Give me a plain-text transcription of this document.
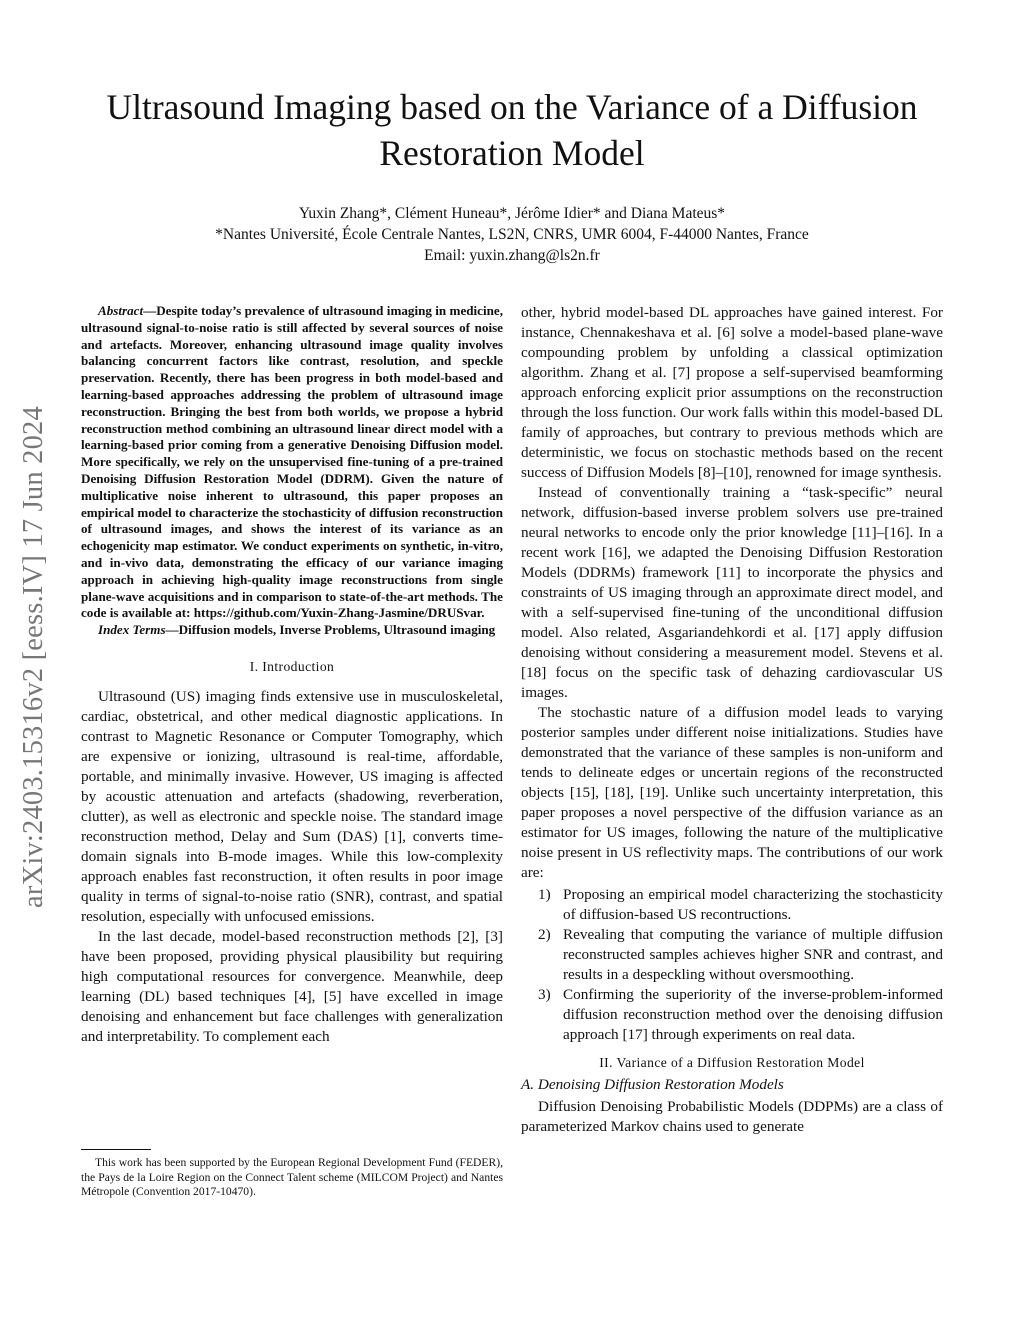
arXiv:2403.15316v2 [eess.IV] 17 Jun 2024
Ultrasound Imaging based on the Variance of a Diffusion Restoration Model
Yuxin Zhang*, Clément Huneau*, Jérôme Idier* and Diana Mateus*
*Nantes Université, École Centrale Nantes, LS2N, CNRS, UMR 6004, F-44000 Nantes, France
Email: yuxin.zhang@ls2n.fr

Abstract—Despite today’s prevalence of ultrasound imaging in medicine, ultrasound signal-to-noise ratio is still affected by several sources of noise and artefacts. Moreover, enhancing ultrasound image quality involves balancing concurrent factors like contrast, resolution, and speckle preservation. Recently, there has been progress in both model-based and learning-based approaches addressing the problem of ultrasound image reconstruction. Bringing the best from both worlds, we propose a hybrid reconstruction method combining an ultrasound linear direct model with a learning-based prior coming from a generative Denoising Diffusion model. More specifically, we rely on the unsupervised fine-tuning of a pre-trained Denoising Diffusion Restoration Model (DDRM). Given the nature of multiplicative noise inherent to ultrasound, this paper proposes an empirical model to characterize the stochasticity of diffusion reconstruction of ultrasound images, and shows the interest of its variance as an echogenicity map estimator. We conduct experiments on synthetic, in-vitro, and in-vivo data, demonstrating the efficacy of our variance imaging approach in achieving high-quality image reconstructions from single plane-wave acquisitions and in comparison to state-of-the-art methods. The code is available at: https://github.com/Yuxin-Zhang-Jasmine/DRUSvar.

Index Terms—Diffusion models, Inverse Problems, Ultrasound imaging

I. Introduction

Ultrasound (US) imaging finds extensive use in musculoskeletal, cardiac, obstetrical, and other medical diagnostic applications. In contrast to Magnetic Resonance or Computer Tomography, which are expensive or ionizing, ultrasound is real-time, affordable, portable, and minimally invasive. However, US imaging is affected by acoustic attenuation and artefacts (shadowing, reverberation, clutter), as well as electronic and speckle noise. The standard image reconstruction method, Delay and Sum (DAS) [1], converts time-domain signals into B-mode images. While this low-complexity approach enables fast reconstruction, it often results in poor image quality in terms of signal-to-noise ratio (SNR), contrast, and spatial resolution, especially with unfocused emissions.

In the last decade, model-based reconstruction methods [2], [3] have been proposed, providing physical plausibility but requiring high computational resources for convergence. Meanwhile, deep learning (DL) based techniques [4], [5] have excelled in image denoising and enhancement but face challenges with generalization and interpretability. To complement each

other, hybrid model-based DL approaches have gained interest. For instance, Chennakeshava et al. [6] solve a model-based plane-wave compounding problem by unfolding a classical optimization algorithm. Zhang et al. [7] propose a self-supervised beamforming approach enforcing explicit prior assumptions on the reconstruction through the loss function. Our work falls within this model-based DL family of approaches, but contrary to previous methods which are deterministic, we focus on stochastic methods based on the recent success of Diffusion Models [8]–[10], renowned for image synthesis.

Instead of conventionally training a “task-specific” neural network, diffusion-based inverse problem solvers use pre-trained neural networks to encode only the prior knowledge [11]–[16]. In a recent work [16], we adapted the Denoising Diffusion Restoration Models (DDRMs) framework [11] to incorporate the physics and constraints of US imaging through an approximate direct model, and with a self-supervised fine-tuning of the unconditional diffusion model. Also related, Asgariandehkordi et al. [17] apply diffusion denoising without considering a measurement model. Stevens et al. [18] focus on the specific task of dehazing cardiovascular US images.

The stochastic nature of a diffusion model leads to varying posterior samples under different noise initializations. Studies have demonstrated that the variance of these samples is non-uniform and tends to delineate edges or uncertain regions of the reconstructed objects [15], [18], [19]. Unlike such uncertainty interpretation, this paper proposes a novel perspective of the diffusion variance as an estimator for US images, following the nature of the multiplicative noise present in US reflectivity maps. The contributions of our work are:

1) Proposing an empirical model characterizing the stochasticity of diffusion-based US recontructions.
2) Revealing that computing the variance of multiple diffusion reconstructed samples achieves higher SNR and contrast, and results in a despeckling without oversmoothing.
3) Confirming the superiority of the inverse-problem-informed diffusion reconstruction method over the denoising diffusion approach [17] through experiments on real data.
II. Variance of a Diffusion Restoration Model
A. Denoising Diffusion Restoration Models

Diffusion Denoising Probabilistic Models (DDPMs) are a class of parameterized Markov chains used to generate

This work has been supported by the European Regional Development Fund (FEDER), the Pays de la Loire Region on the Connect Talent scheme (MILCOM Project) and Nantes Métropole (Convention 2017-10470).
